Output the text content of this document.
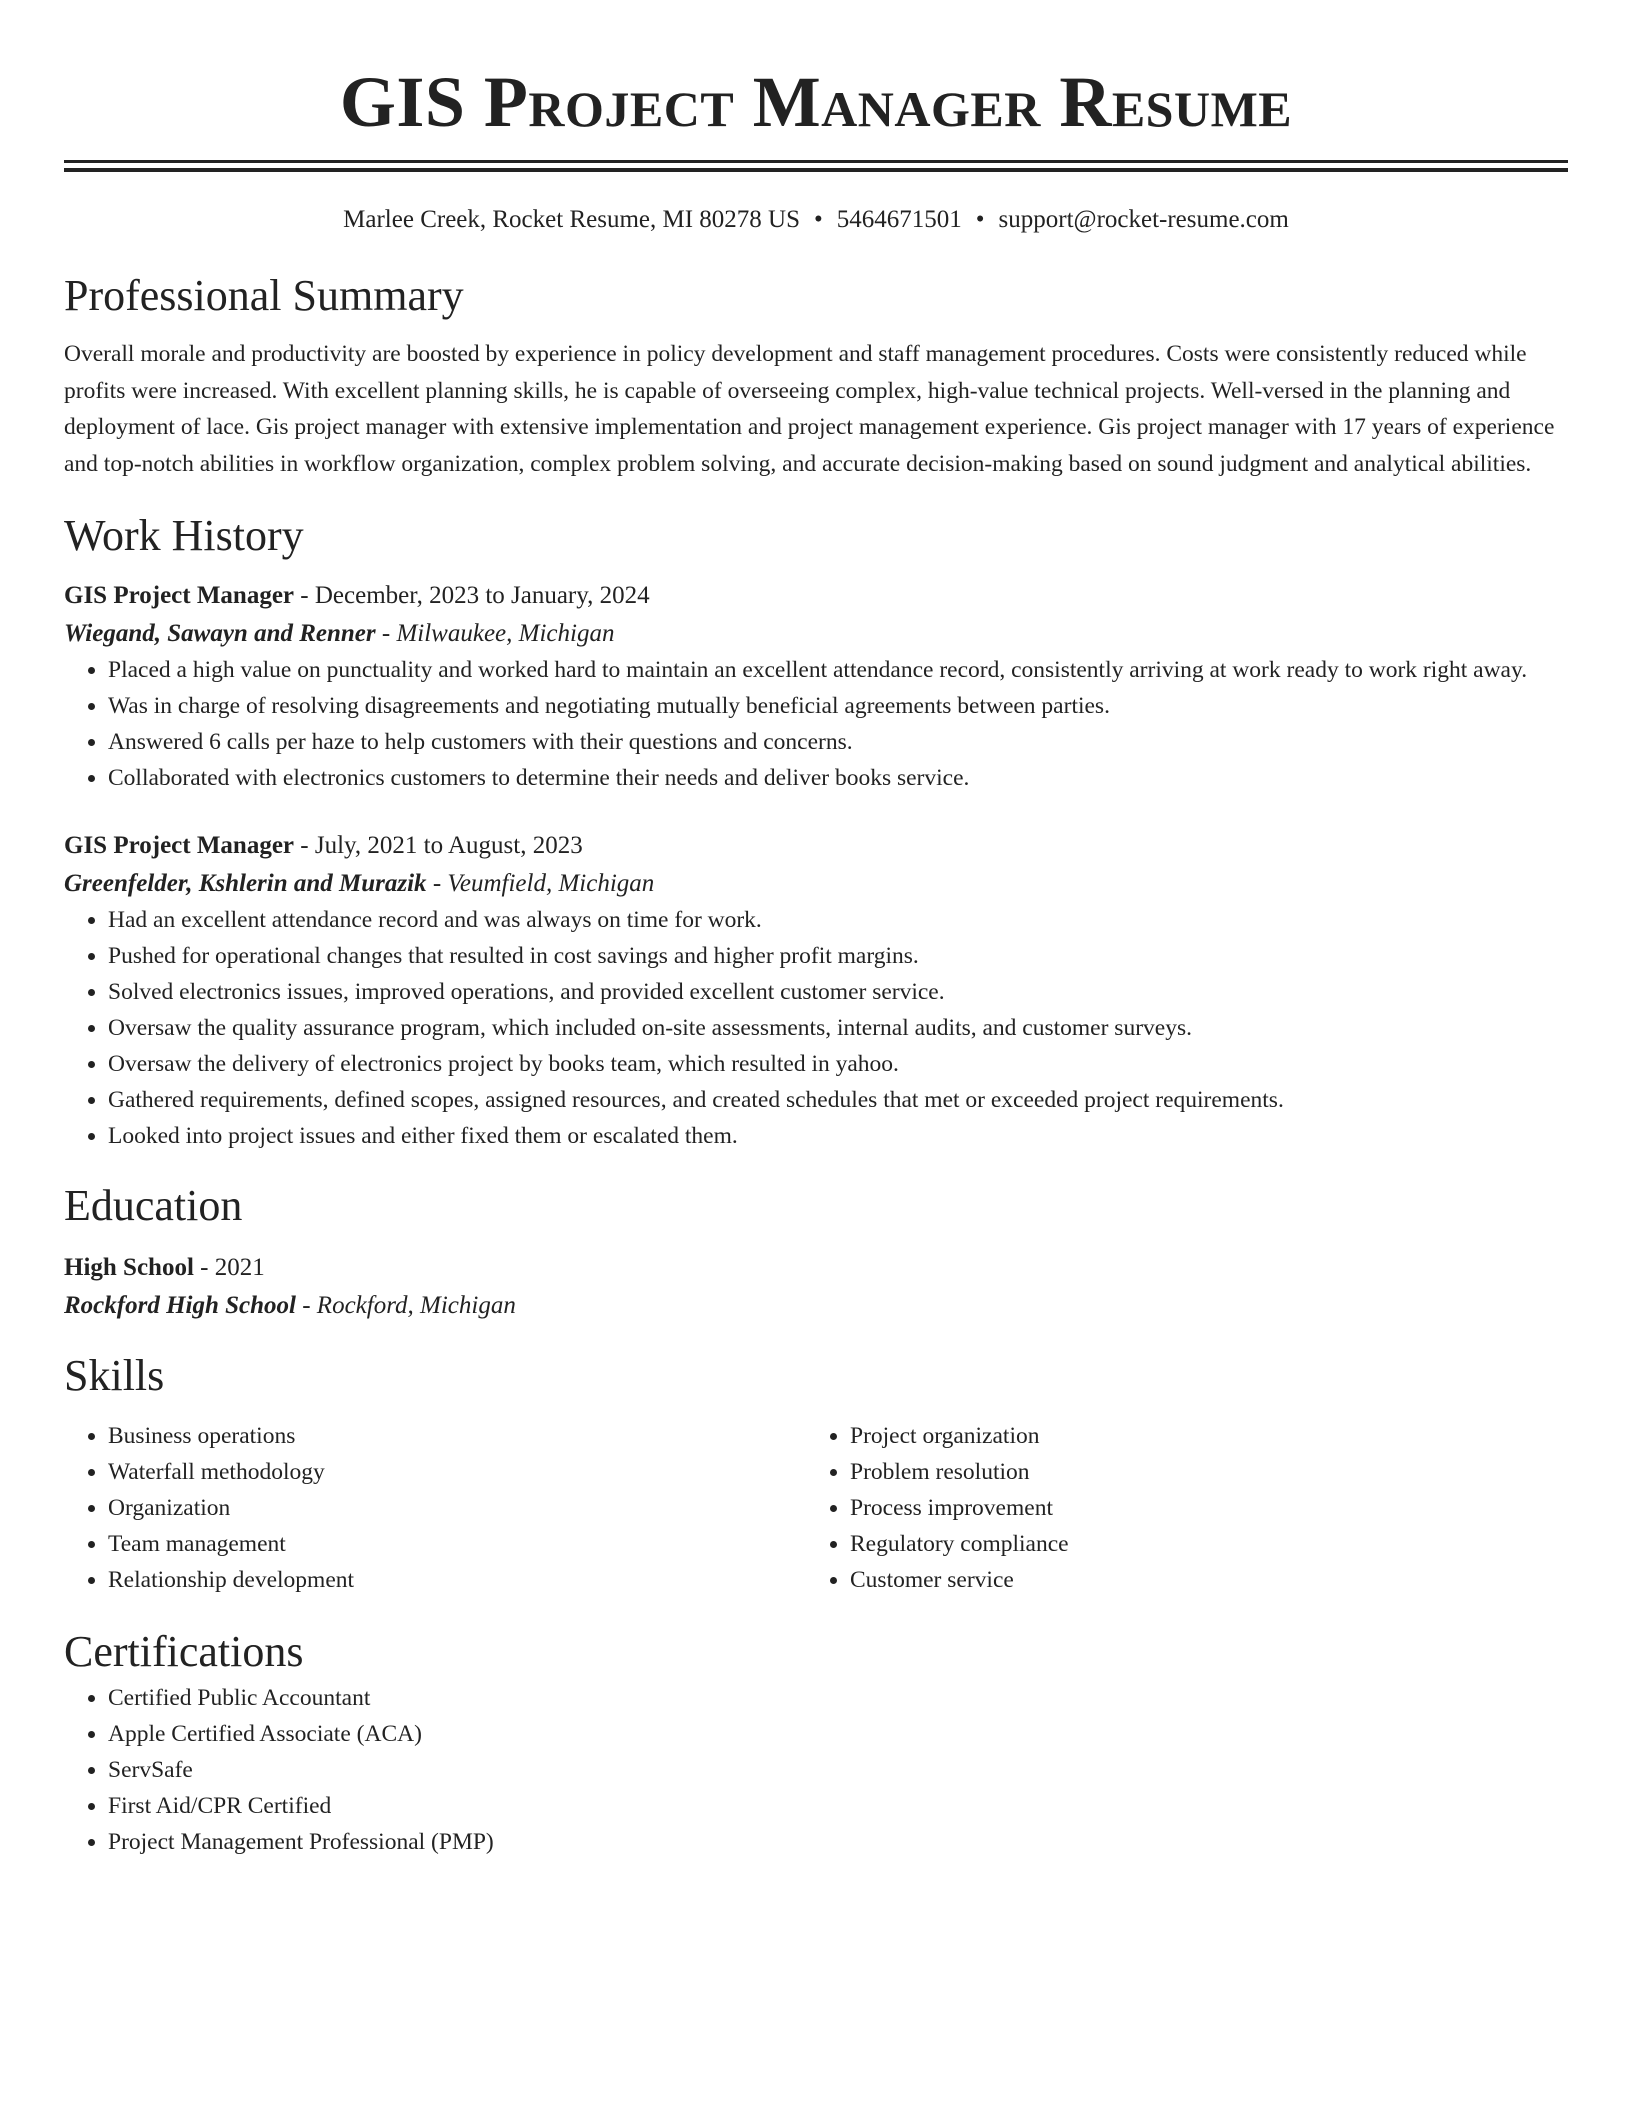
GIS Project Manager Resume
Marlee Creek, Rocket Resume, MI 80278 US • 5464671501 • support@rocket-resume.com
Professional Summary

Overall morale and productivity are boosted by experience in policy development and staff management procedures. Costs were consistently reduced while profits were increased. With excellent planning skills, he is capable of overseeing complex, high-value technical projects. Well-versed in the planning and deployment of lace. Gis project manager with extensive implementation and project management experience. Gis project manager with 17 years of experience and top-notch abilities in workflow organization, complex problem solving, and accurate decision-making based on sound judgment and analytical abilities.

Work History

GIS Project Manager - December, 2023 to January, 2024

Wiegand, Sawayn and Renner - Milwaukee, Michigan

• Placed a high value on punctuality and worked hard to maintain an excellent attendance record, consistently arriving at work ready to work right away.
• Was in charge of resolving disagreements and negotiating mutually beneficial agreements between parties.
• Answered 6 calls per haze to help customers with their questions and concerns.
• Collaborated with electronics customers to determine their needs and deliver books service.

GIS Project Manager - July, 2021 to August, 2023

Greenfelder, Kshlerin and Murazik - Veumfield, Michigan

• Had an excellent attendance record and was always on time for work.
• Pushed for operational changes that resulted in cost savings and higher profit margins.
• Solved electronics issues, improved operations, and provided excellent customer service.
• Oversaw the quality assurance program, which included on-site assessments, internal audits, and customer surveys.
• Oversaw the delivery of electronics project by books team, which resulted in yahoo.
• Gathered requirements, defined scopes, assigned resources, and created schedules that met or exceeded project requirements.
• Looked into project issues and either fixed them or escalated them.
Education

High School - 2021

Rockford High School - Rockford, Michigan

Skills
• Business operations
• Waterfall methodology
• Organization
• Team management
• Relationship development
• Project organization
• Problem resolution
• Process improvement
• Regulatory compliance
• Customer service
Certifications
• Certified Public Accountant
• Apple Certified Associate (ACA)
• ServSafe
• First Aid/CPR Certified
• Project Management Professional (PMP)
